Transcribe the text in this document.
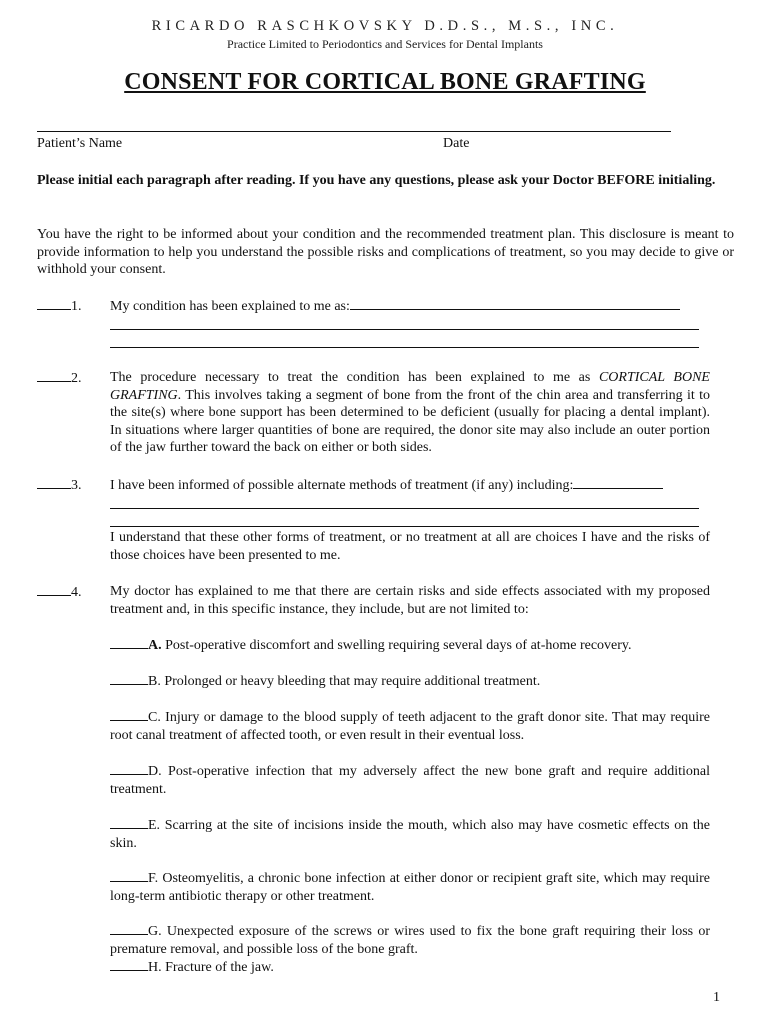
RICARDO RASCHKOVSKY D.D.S., M.S., INC.
Practice Limited to Periodontics and Services for Dental Implants
CONSENT FOR CORTICAL BONE GRAFTING
Patient’s Name	Date
Please initial each paragraph after reading. If you have any questions, please ask your Doctor BEFORE initialing.
You have the right to be informed about your condition and the recommended treatment plan. This disclosure is meant to provide information to help you understand the possible risks and complications of treatment, so you may decide to give or withhold your consent.
1. My condition has been explained to me as:
2. The procedure necessary to treat the condition has been explained to me as CORTICAL BONE GRAFTING. This involves taking a segment of bone from the front of the chin area and transferring it to the site(s) where bone support has been determined to be deficient (usually for placing a dental implant). In situations where larger quantities of bone are required, the donor site may also include an outer portion of the jaw further toward the back on either or both sides.
3. I have been informed of possible alternate methods of treatment (if any) including:
I understand that these other forms of treatment, or no treatment at all are choices I have and the risks of those choices have been presented to me.
4. My doctor has explained to me that there are certain risks and side effects associated with my proposed treatment and, in this specific instance, they include, but are not limited to:
A. Post-operative discomfort and swelling requiring several days of at-home recovery.
B. Prolonged or heavy bleeding that may require additional treatment.
C. Injury or damage to the blood supply of teeth adjacent to the graft donor site. That may require root canal treatment of affected tooth, or even result in their eventual loss.
D. Post-operative infection that my adversely affect the new bone graft and require additional treatment.
E. Scarring at the site of incisions inside the mouth, which also may have cosmetic effects on the skin.
F. Osteomyelitis, a chronic bone infection at either donor or recipient graft site, which may require long-term antibiotic therapy or other treatment.
G. Unexpected exposure of the screws or wires used to fix the bone graft requiring their loss or premature removal, and possible loss of the bone graft.
H. Fracture of the jaw.
1
